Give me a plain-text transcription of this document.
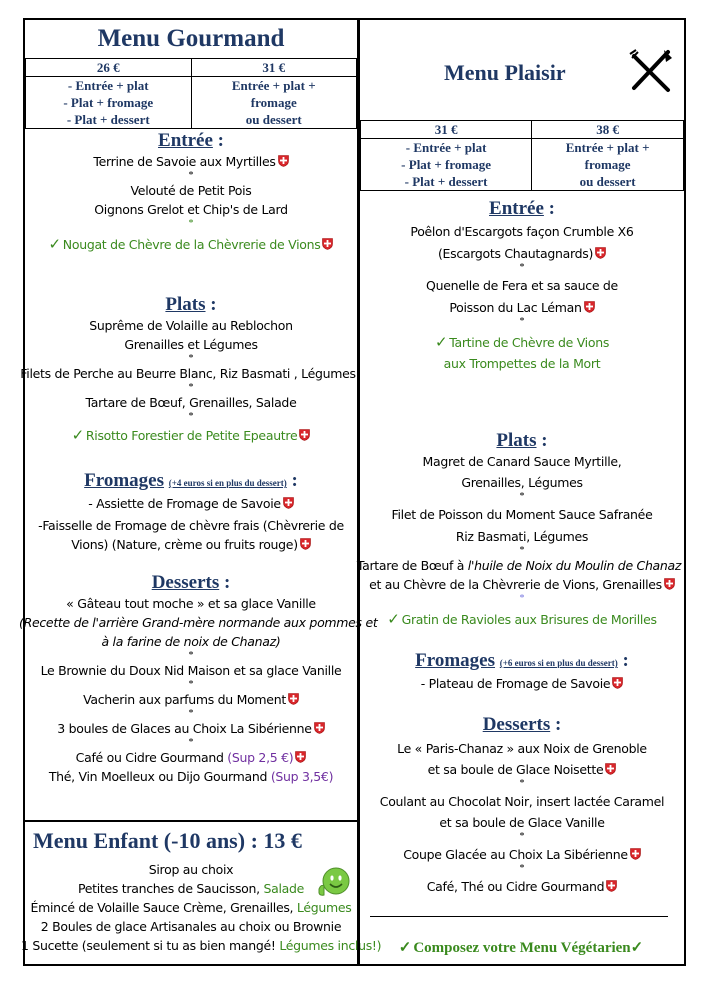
Menu Gourmand
26 €	31 €
- Entrée + plat
- Plat + fromage
- Plat + dessert	Entrée + plat +
fromage
ou dessert
Entrée :
Terrine de Savoie aux Myrtilles
*
Velouté de Petit Pois
Oignons Grelot et Chip's de Lard
*
✓ Nougat de Chèvre de la Chèvrerie de Vions
Plats :
Suprême de Volaille au Reblochon
Grenailles et Légumes
*
Filets de Perche au Beurre Blanc, Riz Basmati , Légumes
*
Tartare de Bœuf, Grenailles, Salade
*
✓ Risotto Forestier de Petite Epeautre
Fromages (+4 euros si en plus du dessert) :
- Assiette de Fromage de Savoie
-Faisselle de Fromage de chèvre frais (Chèvrerie de
Vions) (Nature, crème ou fruits rouge)
Desserts :
« Gâteau tout moche » et sa glace Vanille
(Recette de l'arrière Grand-mère normande aux pommes et
à la farine de noix de Chanaz)
*
Le Brownie du Doux Nid Maison et sa glace Vanille
*
Vacherin aux parfums du Moment
*
3 boules de Glaces au Choix La Sibérienne
*
Café ou Cidre Gourmand (Sup 2,5 €)
Thé, Vin Moelleux ou Dijo Gourmand (Sup 3,5€)
Menu Enfant (-10 ans) : 13 €
Sirop au choix
Petites tranches de Saucisson, Salade
Émincé de Volaille Sauce Crème, Grenailles, Légumes
2 Boules de glace Artisanales au choix ou Brownie
1 Sucette (seulement si tu as bien mangé! Légumes inclus!)
Menu Plaisir
31 €	38 €
- Entrée + plat
- Plat + fromage
- Plat + dessert	Entrée + plat +
fromage
ou dessert
Entrée :
Poêlon d'Escargots façon Crumble X6
(Escargots Chautagnards)
*
Quenelle de Fera et sa sauce de
Poisson du Lac Léman
*
✓ Tartine de Chèvre de Vions
aux Trompettes de la Mort
Plats :
Magret de Canard Sauce Myrtille,
Grenailles, Légumes
*
Filet de Poisson du Moment Sauce Safranée
Riz Basmati, Légumes
*
Tartare de Bœuf à l'huile de Noix du Moulin de Chanaz
et au Chèvre de la Chèvrerie de Vions, Grenailles
*
✓ Gratin de Ravioles aux Brisures de Morilles
Fromages (+6 euros si en plus du dessert) :
- Plateau de Fromage de Savoie
Desserts :
Le « Paris-Chanaz » aux Noix de Grenoble
et sa boule de Glace Noisette
*
Coulant au Chocolat Noir, insert lactée Caramel
et sa boule de Glace Vanille
*
Coupe Glacée au Choix La Sibérienne
*
Café, Thé ou Cidre Gourmand
✓ Composez votre Menu Végétarien✓
